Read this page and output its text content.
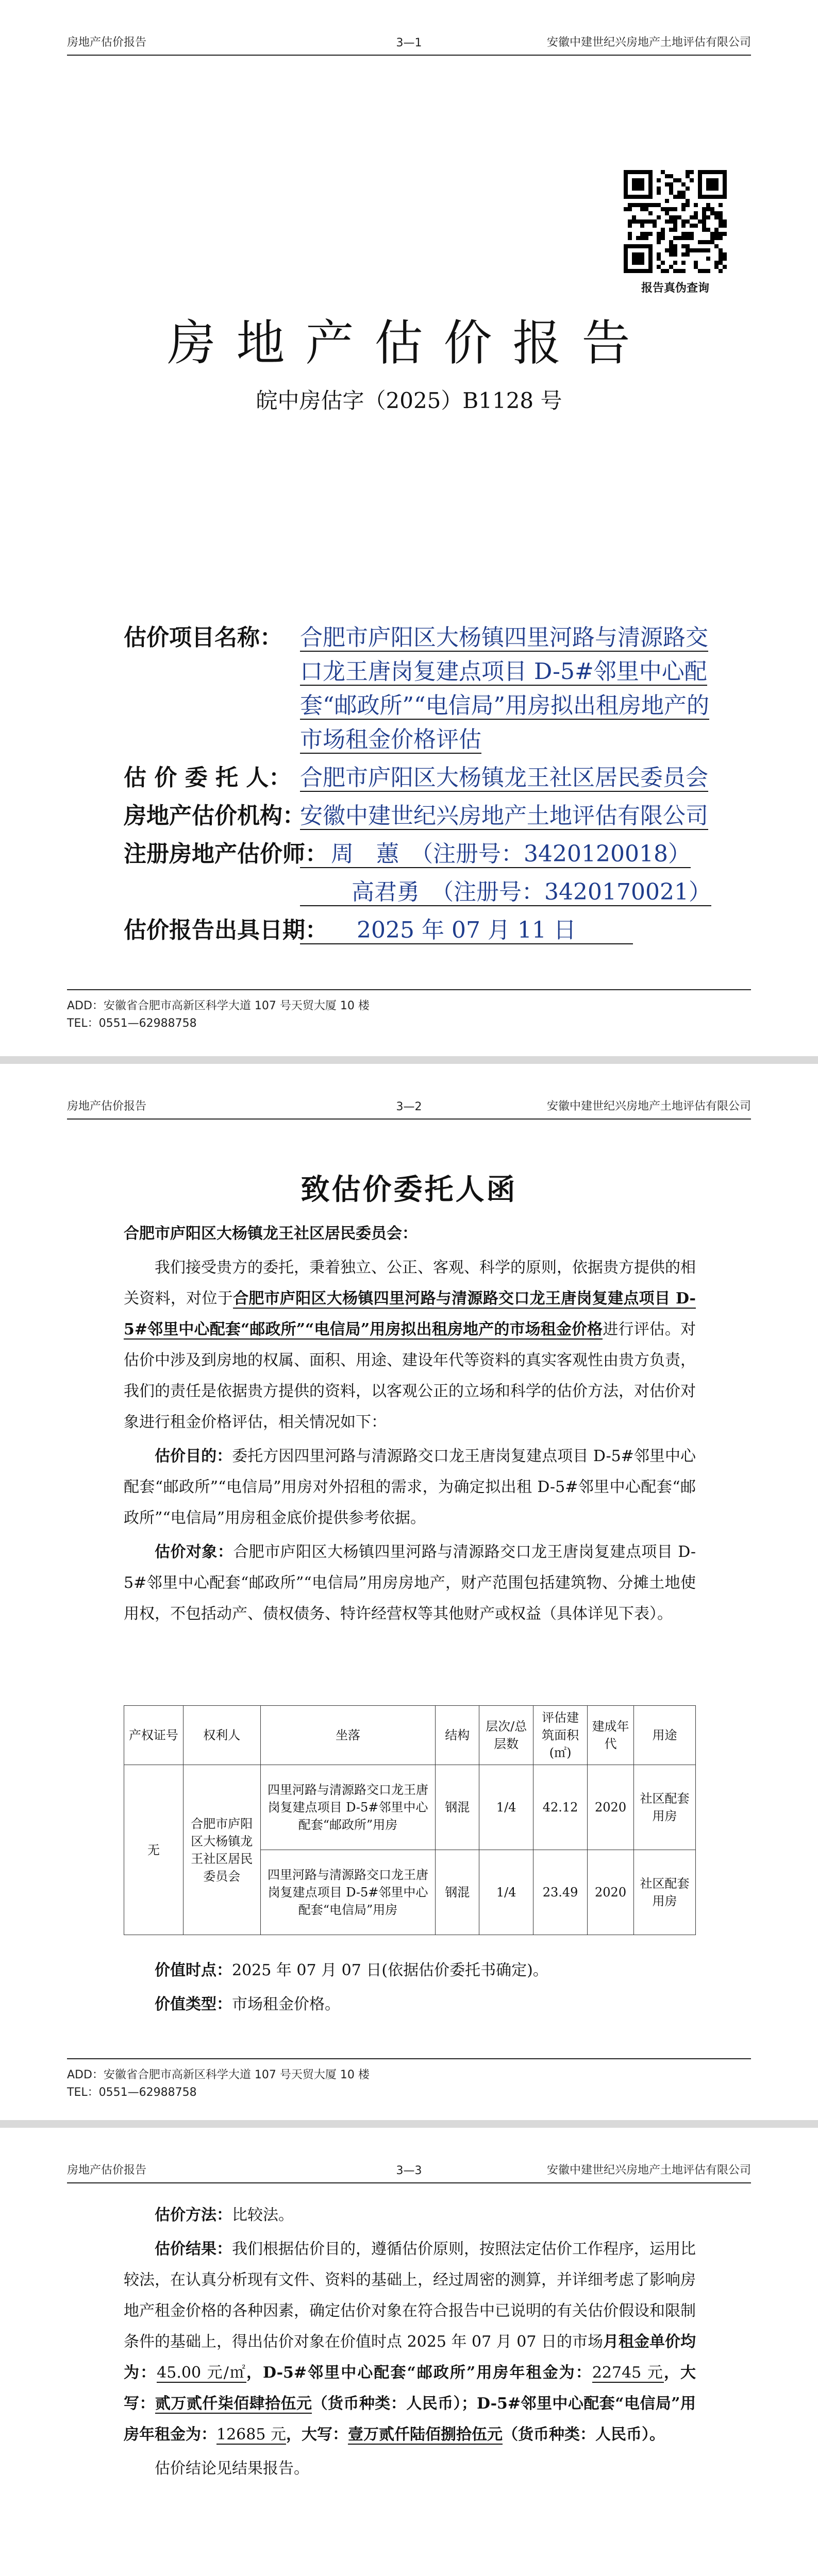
房地产估价报告	3—1	安徽中建世纪兴房地产土地评估有限公司
报告真伪查询
房地产估价报告
皖中房估字（2025）B1128 号
估价项目名称： 合肥市庐阳区大杨镇四里河路与清源路交口龙王唐岗复建点项目 D-5#邻里中心配套“邮政所”“电信局”用房拟出租房地产的市场租金价格评估
估 价 委 托 人： 合肥市庐阳区大杨镇龙王社区居民委员会
房地产估价机构：
安徽中建世纪兴房地产土地评估有限公司
注册房地产估价师： 周　蕙　（注册号：3420120018）
高君勇　（注册号：3420170021）
估价报告出具日期： 2025 年 07 月 11 日
ADD：安徽省合肥市高新区科学大道 107 号天贸大厦 10 楼
TEL：0551—62988758
房地产估价报告	3—2	安徽中建世纪兴房地产土地评估有限公司
致估价委托人函

合肥市庐阳区大杨镇龙王社区居民委员会：

我们接受贵方的委托，秉着独立、公正、客观、科学的原则，依据贵方提供的相关资料，对位于合肥市庐阳区大杨镇四里河路与清源路交口龙王唐岗复建点项目 D-5#邻里中心配套“邮政所”“电信局”用房拟出租房地产的市场租金价格进行评估。对估价中涉及到房地的权属、面积、用途、建设年代等资料的真实客观性由贵方负责，我们的责任是依据贵方提供的资料，以客观公正的立场和科学的估价方法，对估价对象进行租金价格评估，相关情况如下：

估价目的：委托方因四里河路与清源路交口龙王唐岗复建点项目 D-5#邻里中心配套“邮政所”“电信局”用房对外招租的需求，为确定拟出租 D-5#邻里中心配套“邮政所”“电信局”用房租金底价提供参考依据。

估价对象：合肥市庐阳区大杨镇四里河路与清源路交口龙王唐岗复建点项目 D-5#邻里中心配套“邮政所”“电信局”用房房地产，财产范围包括建筑物、分摊土地使用权，不包括动产、债权债务、特许经营权等其他财产或权益（具体详见下表）。

产权证号	权利人	坐落	结构	层次/总层数	评估建筑面积(㎡)	建成年代	用途
无	合肥市庐阳区大杨镇龙王社区居民委员会	四里河路与清源路交口龙王唐岗复建点项目 D-5#邻里中心配套“邮政所”用房	钢混	1/4	42.12	2020	社区配套用房
		四里河路与清源路交口龙王唐岗复建点项目 D-5#邻里中心配套“电信局”用房	钢混	1/4	23.49	2020	社区配套用房

价值时点：2025 年 07 月 07 日(依据估价委托书确定)。

价值类型：市场租金价格。

ADD：安徽省合肥市高新区科学大道 107 号天贸大厦 10 楼
TEL：0551—62988758
房地产估价报告	3—3	安徽中建世纪兴房地产土地评估有限公司

估价方法：比较法。

估价结果：我们根据估价目的，遵循估价原则，按照法定估价工作程序，运用比较法，在认真分析现有文件、资料的基础上，经过周密的测算，并详细考虑了影响房地产租金价格的各种因素，确定估价对象在符合报告中已说明的有关估价假设和限制条件的基础上，得出估价对象在价值时点 2025 年 07 月 07 日的市场月租金单价均为：45.00 元/㎡，D-5#邻里中心配套“邮政所”用房年租金为：22745 元，大写：贰万贰仟柒佰肆拾伍元（货币种类：人民币）；D-5#邻里中心配套“电信局”用房年租金为：12685 元，大写：壹万贰仟陆佰捌拾伍元（货币种类：人民币）。

估价结论见结果报告。
